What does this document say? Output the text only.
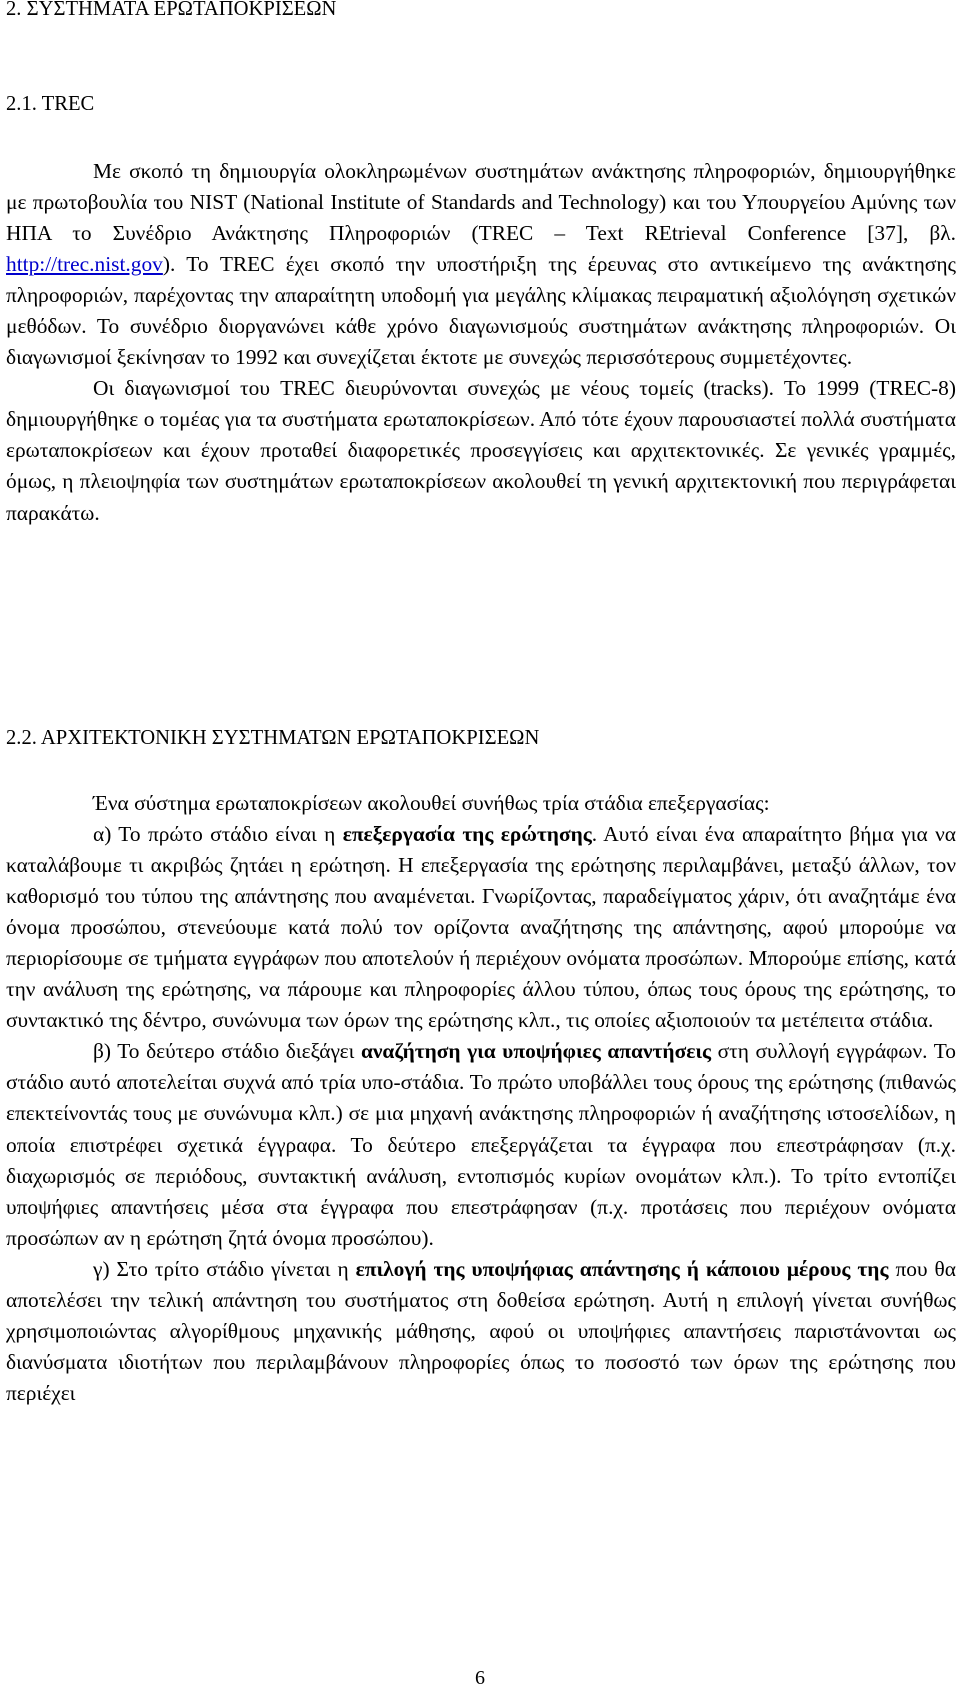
2. ΣΥΣΤΗΜΑΤΑ ΕΡΩΤΑΠΟΚΡΙΣΕΩΝ
2.1. TREC

Με σκοπό τη δημιουργία ολοκληρωμένων συστημάτων ανάκτησης πληροφοριών, δημιουργήθηκε με πρωτοβουλία του NIST (National Institute of Standards and Technology) και του Υπουργείου Αμύνης των ΗΠΑ το Συνέδριο Ανάκτησης Πληροφοριών (TREC – Text REtrieval Conference [37], βλ. http://trec.nist.gov). Το TREC έχει σκοπό την υποστήριξη της έρευνας στο αντικείμενο της ανάκτησης πληροφοριών, παρέχοντας την απαραίτητη υποδομή για μεγάλης κλίμακας πειραματική αξιολόγηση σχετικών μεθόδων. Το συνέδριο διοργανώνει κάθε χρόνο διαγωνισμούς συστημάτων ανάκτησης πληροφοριών. Οι διαγωνισμοί ξεκίνησαν το 1992 και συνεχίζεται έκτοτε με συνεχώς περισσότερους συμμετέχοντες.

Οι διαγωνισμοί του TREC διευρύνονται συνεχώς με νέους τομείς (tracks). Το 1999 (TREC-8) δημιουργήθηκε ο τομέας για τα συστήματα ερωταποκρίσεων. Από τότε έχουν παρουσιαστεί πολλά συστήματα ερωταποκρίσεων και έχουν προταθεί διαφορετικές προσεγγίσεις και αρχιτεκτονικές. Σε γενικές γραμμές, όμως, η πλειοψηφία των συστημάτων ερωταποκρίσεων ακολουθεί τη γενική αρχιτεκτονική που περιγράφεται παρακάτω.

2.2. ΑΡΧΙΤΕΚΤΟΝΙΚΗ ΣΥΣΤΗΜΑΤΩΝ ΕΡΩΤΑΠΟΚΡΙΣΕΩΝ

Ένα σύστημα ερωταποκρίσεων ακολουθεί συνήθως τρία στάδια επεξεργασίας:

α) Το πρώτο στάδιο είναι η επεξεργασία της ερώτησης. Αυτό είναι ένα απαραίτητο βήμα για να καταλάβουμε τι ακριβώς ζητάει η ερώτηση. Η επεξεργασία της ερώτησης περιλαμβάνει, μεταξύ άλλων, τον καθορισμό του τύπου της απάντησης που αναμένεται. Γνωρίζοντας, παραδείγματος χάριν, ότι αναζητάμε ένα όνομα προσώπου, στενεύουμε κατά πολύ τον ορίζοντα αναζήτησης της απάντησης, αφού μπορούμε να περιορίσουμε σε τμήματα εγγράφων που αποτελούν ή περιέχουν ονόματα προσώπων. Μπορούμε επίσης, κατά την ανάλυση της ερώτησης, να πάρουμε και πληροφορίες άλλου τύπου, όπως τους όρους της ερώτησης, το συντακτικό της δέντρο, συνώνυμα των όρων της ερώτησης κλπ., τις οποίες αξιοποιούν τα μετέπειτα στάδια.

β) Το δεύτερο στάδιο διεξάγει αναζήτηση για υποψήφιες απαντήσεις στη συλλογή εγγράφων. Το στάδιο αυτό αποτελείται συχνά από τρία υπο-στάδια. Το πρώτο υποβάλλει τους όρους της ερώτησης (πιθανώς επεκτείνοντάς τους με συνώνυμα κλπ.) σε μια μηχανή ανάκτησης πληροφοριών ή αναζήτησης ιστοσελίδων, η οποία επιστρέφει σχετικά έγγραφα. Το δεύτερο επεξεργάζεται τα έγγραφα που επεστράφησαν (π.χ. διαχωρισμός σε περιόδους, συντακτική ανάλυση, εντοπισμός κυρίων ονομάτων κλπ.). Το τρίτο εντοπίζει υποψήφιες απαντήσεις μέσα στα έγγραφα που επεστράφησαν (π.χ. προτάσεις που περιέχουν ονόματα προσώπων αν η ερώτηση ζητά όνομα προσώπου).

γ) Στο τρίτο στάδιο γίνεται η επιλογή της υποψήφιας απάντησης ή κάποιου μέρους της που θα αποτελέσει την τελική απάντηση του συστήματος στη δοθείσα ερώτηση. Αυτή η επιλογή γίνεται συνήθως χρησιμοποιώντας αλγορίθμους μηχανικής μάθησης, αφού οι υποψήφιες απαντήσεις παριστάνονται ως διανύσματα ιδιοτήτων που περιλαμβάνουν πληροφορίες όπως το ποσοστό των όρων της ερώτησης που περιέχει

6
